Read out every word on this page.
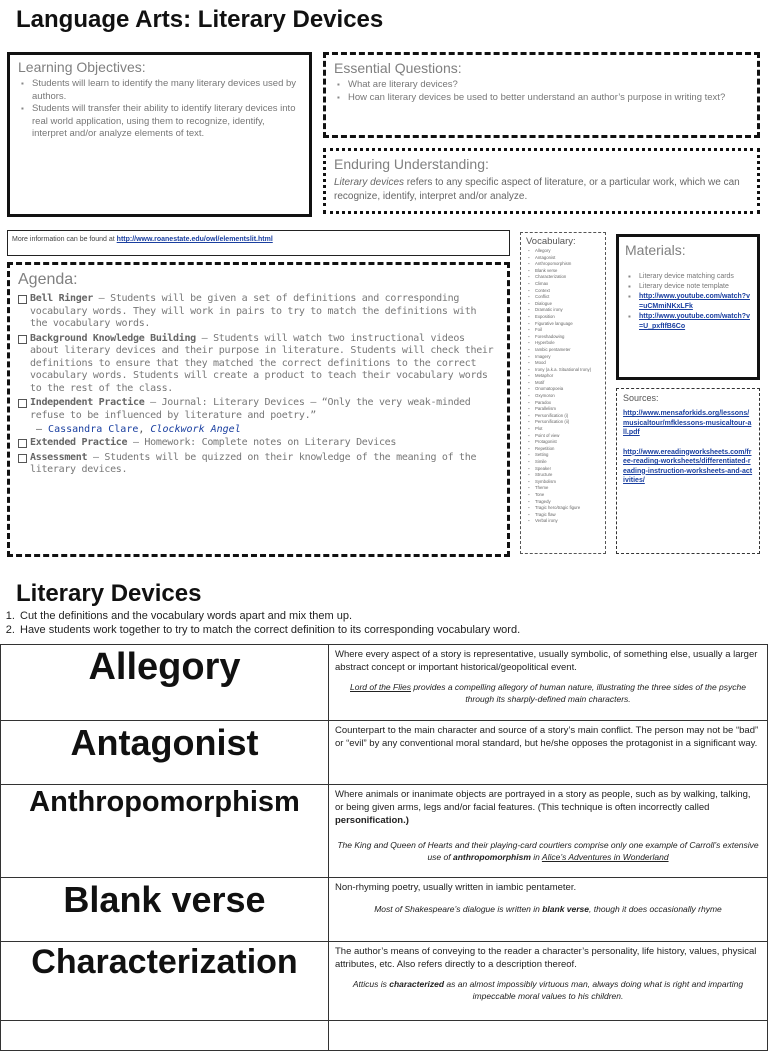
Language Arts: Literary Devices
Learning Objectives:
▪ Students will learn to identify the many literary devices used by authors.
▪ Students will transfer their ability to identify literary devices into real world application, using them to recognize, identify, interpret and/or analyze elements of text.
Essential Questions:
▪ What are literary devices?
▪ How can literary devices be used to better understand an author’s purpose in writing text?
Enduring Understanding:

Literary devices refers to any specific aspect of literature, or a particular work, which we can recognize, identify, interpret and/or analyze.

More information can be found at http://www.roanestate.edu/owl/elementslit.html
Agenda:
Bell Ringer – Students will be given a set of definitions and corresponding vocabulary words. They will work in pairs to try to match the definitions with the vocabulary words.
Background Knowledge Building – Students will watch two instructional videos about literary devices and their purpose in literature. Students will check their definitions to ensure that they matched the correct definitions to the correct vocabulary words. Students will create a product to teach their vocabulary words to the rest of the class.
Independent Practice – Journal: Literary Devices – “Only the very weak-minded refuse to be influenced by literature and poetry.”
— Cassandra Clare, Clockwork Angel
Extended Practice – Homework: Complete notes on Literary Devices
Assessment – Students will be quizzed on their knowledge of the meaning of the literary devices.
Vocabulary:
▪ Allegory
▪ Antagonist
▪ Anthropomorphism
▪ Blank verse
▪ Characterization
▪ Climax
▪ Context
▪ Conflict
▪ Dialogue
▪ Dramatic irony
▪ Exposition
▪ Figurative language
▪ Foil
▪ Foreshadowing
▪ Hyperbole
▪ Iambic pentameter
▪ Imagery
▪ Mood
▪ Irony (a.k.a. Situational Irony)
▪ Metaphor
▪ Motif
▪ Onomatopoeia
▪ Oxymoron
▪ Paradox
▪ Parallelism
▪ Personification (i)
▪ Personification (ii)
▪ Plot
▪ Point of view
▪ Protagonist
▪ Repetition
▪ Setting
▪ Simile
▪ Speaker
▪ Structure
▪ Symbolism
▪ Theme
▪ Tone
▪ Tragedy
▪ Tragic hero/tragic figure
▪ Tragic flaw
▪ Verbal irony
Materials:
▪ Literary device matching cards
▪ Literary device note template
▪ http://www.youtube.com/watch?v=uCMmiNKxLFk
▪ http://www.youtube.com/watch?v=U_pxfIfB6Co
Sources:
http://www.mensaforkids.org/lessons/musicaltour/mfklessons-musicaltour-all.pdf
http://www.ereadingworksheets.com/free-reading-worksheets/differentiated-reading-instruction-worksheets-and-activities/
Literary Devices
1. Cut the definitions and the vocabulary words apart and mix them up.
2. Have students work together to try to match the correct definition to its corresponding vocabulary word.
Allegory	Where every aspect of a story is representative, usually symbolic, of something else, usually a larger abstract concept or important historical/geopolitical event.
Lord of the Flies provides a compelling allegory of human nature, illustrating the three sides of the psyche through its sharply-defined main characters.

Antagonist	Counterpart to the main character and source of a story’s main conflict. The person may not be “bad” or “evil” by any conventional moral standard, but he/she opposes the protagonist in a significant way.

Anthropomorphism	Where animals or inanimate objects are portrayed in a story as people, such as by walking, talking, or being given arms, legs and/or facial features. (This technique is often incorrectly called personification.)
The King and Queen of Hearts and their playing-card courtiers comprise only one example of Carroll’s extensive use of anthropomorphism in Alice’s Adventures in Wonderland

Blank verse	Non-rhyming poetry, usually written in iambic pentameter.
Most of Shakespeare’s dialogue is written in blank verse, though it does occasionally rhyme

Characterization	The author’s means of conveying to the reader a character’s personality, life history, values, physical attributes, etc. Also refers directly to a description thereof.
Atticus is characterized as an almost impossibly virtuous man, always doing what is right and imparting impeccable moral values to his children.
